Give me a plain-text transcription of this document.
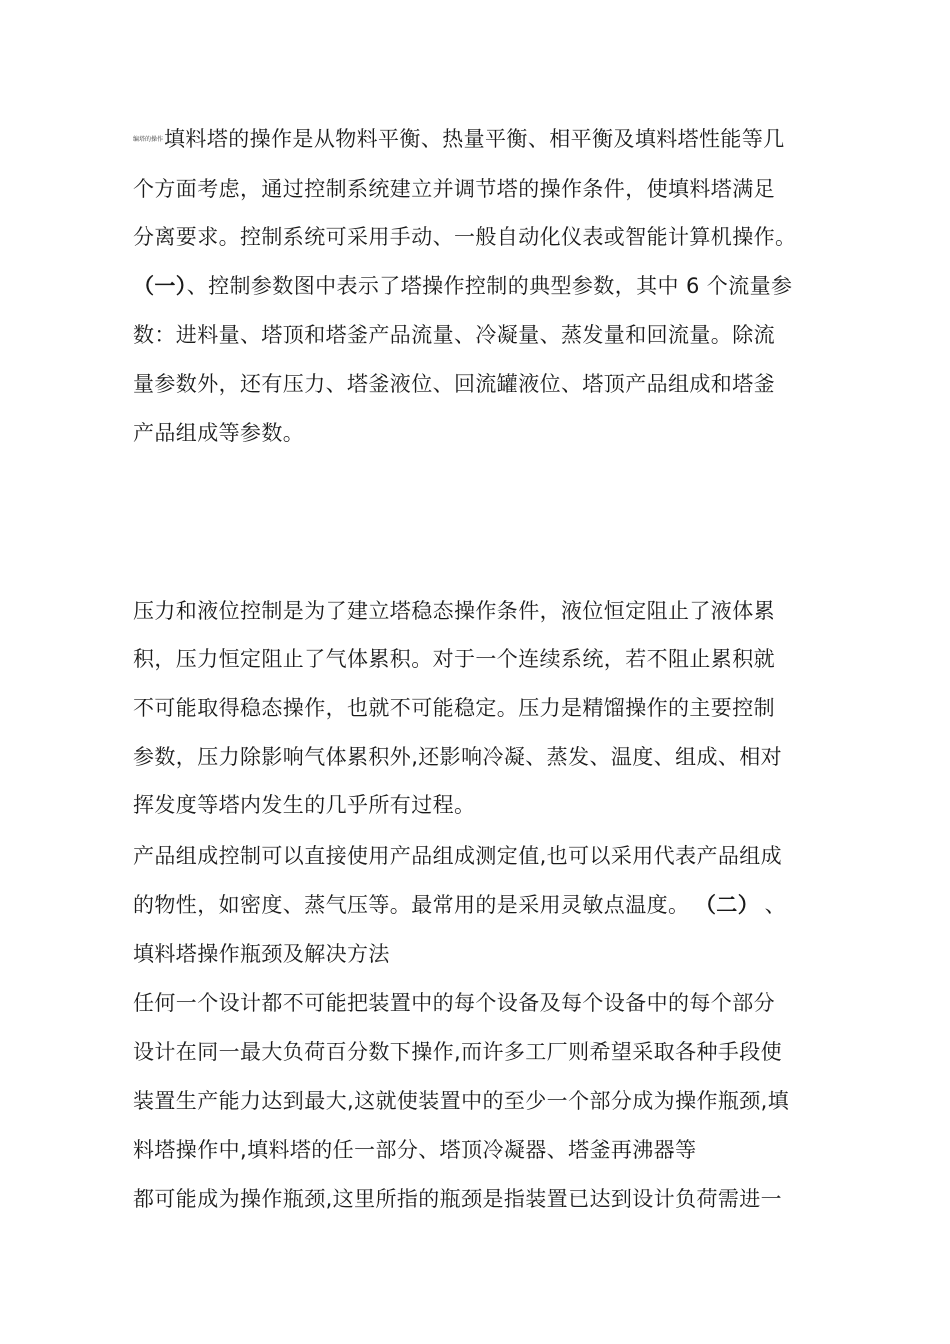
编塔的操作填料塔的操作是从物料平衡、热量平衡、相平衡及填料塔性能等几
个方面考虑，通过控制系统建立并调节塔的操作条件，使填料塔满足
分离要求。控制系统可采用手动、一般自动化仪表或智能计算机操作。
（一）、控制参数图中表示了塔操作控制的典型参数，其中 6 个流量参
数：进料量、塔顶和塔釜产品流量、冷凝量、蒸发量和回流量。除流
量参数外，还有压力、塔釜液位、回流罐液位、塔顶产品组成和塔釜
产品组成等参数。
压力和液位控制是为了建立塔稳态操作条件，液位恒定阻止了液体累
积，压力恒定阻止了气体累积。对于一个连续系统，若不阻止累积就
不可能取得稳态操作，也就不可能稳定。压力是精馏操作的主要控制
参数，压力除影响气体累积外,还影响冷凝、蒸发、温度、组成、相对
挥发度等塔内发生的几乎所有过程。
产品组成控制可以直接使用产品组成测定值,也可以采用代表产品组成
的物性，如密度、蒸气压等。最常用的是采用灵敏点温度。 （二） 、
填料塔操作瓶颈及解决方法
任何一个设计都不可能把装置中的每个设备及每个设备中的每个部分
设计在同一最大负荷百分数下操作,而许多工厂则希望采取各种手段使
装置生产能力达到最大,这就使装置中的至少一个部分成为操作瓶颈,填
料塔操作中,填料塔的任一部分、塔顶冷凝器、塔釜再沸器等
都可能成为操作瓶颈,这里所指的瓶颈是指装置已达到设计负荷需进一
